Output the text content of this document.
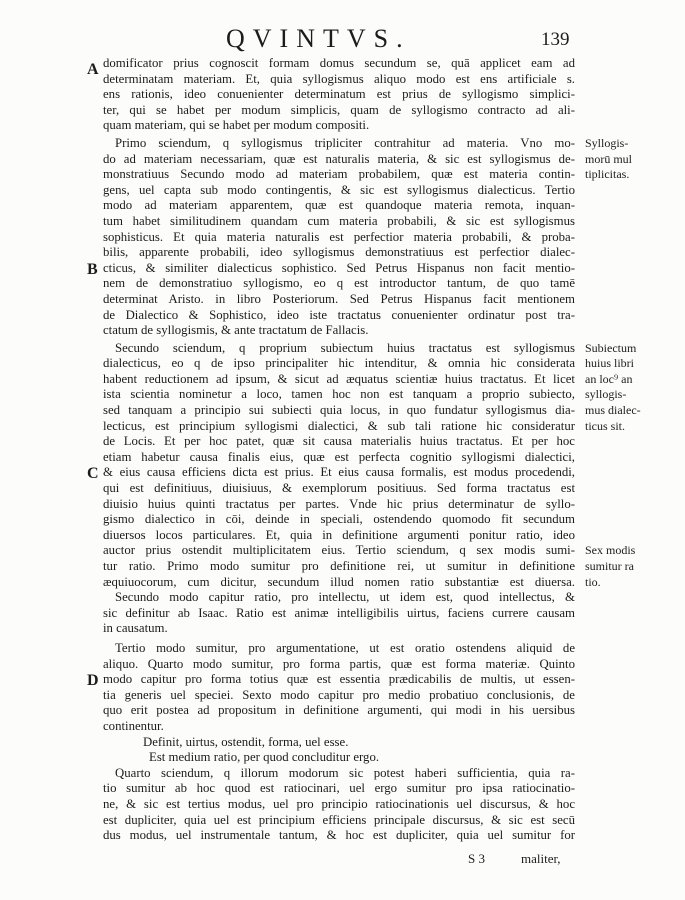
QVINTVS.	139
domificator prius cognoscit formam domus secundum se, quā applicet eam ad
A
determinatam materiam. Et, quia syllogismus aliquo modo est ens artificiale s.
ens rationis, ideo conuenienter determinatum est prius de syllogismo simplici-
ter, qui se habet per modum simplicis, quam de syllogismo contracto ad ali-
quam materiam, qui se habet per modum compositi.
Primo sciendum, q syllogismus tripliciter contrahitur ad materia. Vno mo- Syllogis-
do ad materiam necessariam, quæ est naturalis materia, & sic est syllogismus de- morū mul
monstratiuus Secundo modo ad materiam probabilem, quæ est materia contin- tiplicitas.
gens, uel capta sub modo contingentis, & sic est syllogismus dialecticus. Tertio
modo ad materiam apparentem, quæ est quandoque materia remota, inquan-
tum habet similitudinem quandam cum materia probabili, & sic est syllogismus
sophisticus. Et quia materia naturalis est perfectior materia probabili, & proba-
bilis, apparente probabili, ideo syllogismus demonstratiuus est perfectior dialec-
cticus, & similiter dialecticus sophistico. Sed Petrus Hispanus non facit mentio-
B
nem de demonstratiuo syllogismo, eo q est introductor tantum, de quo tamē
determinat Aristo. in libro Posteriorum. Sed Petrus Hispanus facit mentionem
de Dialectico & Sophistico, ideo iste tractatus conuenienter ordinatur post tra-
ctatum de syllogismis, & ante tractatum de Fallacis.
Secundo sciendum, q proprium subiectum huius tractatus est syllogismus Subiectum
dialecticus, eo q de ipso principaliter hic intenditur, & omnia hic considerata huius libri
habent reductionem ad ipsum, & sicut ad æquatus scientiæ huius tractatus. Et licet an loc⁹ an
ista scientia nominetur a loco, tamen hoc non est tanquam a proprio subiecto, syllogis-
sed tanquam a principio sui subiecti quia locus, in quo fundatur syllogismus dia- mus dialec-
lecticus, est principium syllogismi dialectici, & sub tali ratione hic consideratur ticus sit.
de Locis. Et per hoc patet, quæ sit causa materialis huius tractatus. Et per hoc
etiam habetur causa finalis eius, quæ est perfecta cognitio syllogismi dialectici,
& eius causa efficiens dicta est prius. Et eius causa formalis, est modus procedendi,
C
qui est definitiuus, diuisiuus, & exemplorum positiuus. Sed forma tractatus est
diuisio huius quinti tractatus per partes. Vnde hic prius determinatur de syllo-
gismo dialectico in cōi, deinde in speciali, ostendendo quomodo fit secundum
diuersos locos particulares. Et, quia in definitione argumenti ponitur ratio, ideo
auctor prius ostendit multiplicitatem eius. Tertio sciendum, q sex modis sumi- Sex modis
tur ratio. Primo modo sumitur pro definitione rei, ut sumitur in definitione sumitur ra
æquiuocorum, cum dicitur, secundum illud nomen ratio substantiæ est diuersa. tio.
Secundo modo capitur ratio, pro intellectu, ut idem est, quod intellectus, &
sic definitur ab Isaac. Ratio est animæ intelligibilis uirtus, faciens currere causam
in causatum.
Tertio modo sumitur, pro argumentatione, ut est oratio ostendens aliquid de
aliquo. Quarto modo sumitur, pro forma partis, quæ est forma materiæ. Quinto
modo capitur pro forma totius quæ est essentia prædicabilis de multis, ut essen-
D
tia generis uel speciei. Sexto modo capitur pro medio probatiuo conclusionis, de
quo erit postea ad propositum in definitione argumenti, qui modi in his uersibus
continentur.
Definit, uirtus, ostendit, forma, uel esse.
Est medium ratio, per quod concluditur ergo.
Quarto sciendum, q illorum modorum sic potest haberi sufficientia, quia ra-
tio sumitur ab hoc quod est ratiocinari, uel ergo sumitur pro ipsa ratiocinatio-
ne, & sic est tertius modus, uel pro principio ratiocinationis uel discursus, & hoc
est dupliciter, quia uel est principium efficiens principale discursus, & sic est secū
dus modus, uel instrumentale tantum, & hoc est dupliciter, quia uel sumitur for
S 3	maliter,
